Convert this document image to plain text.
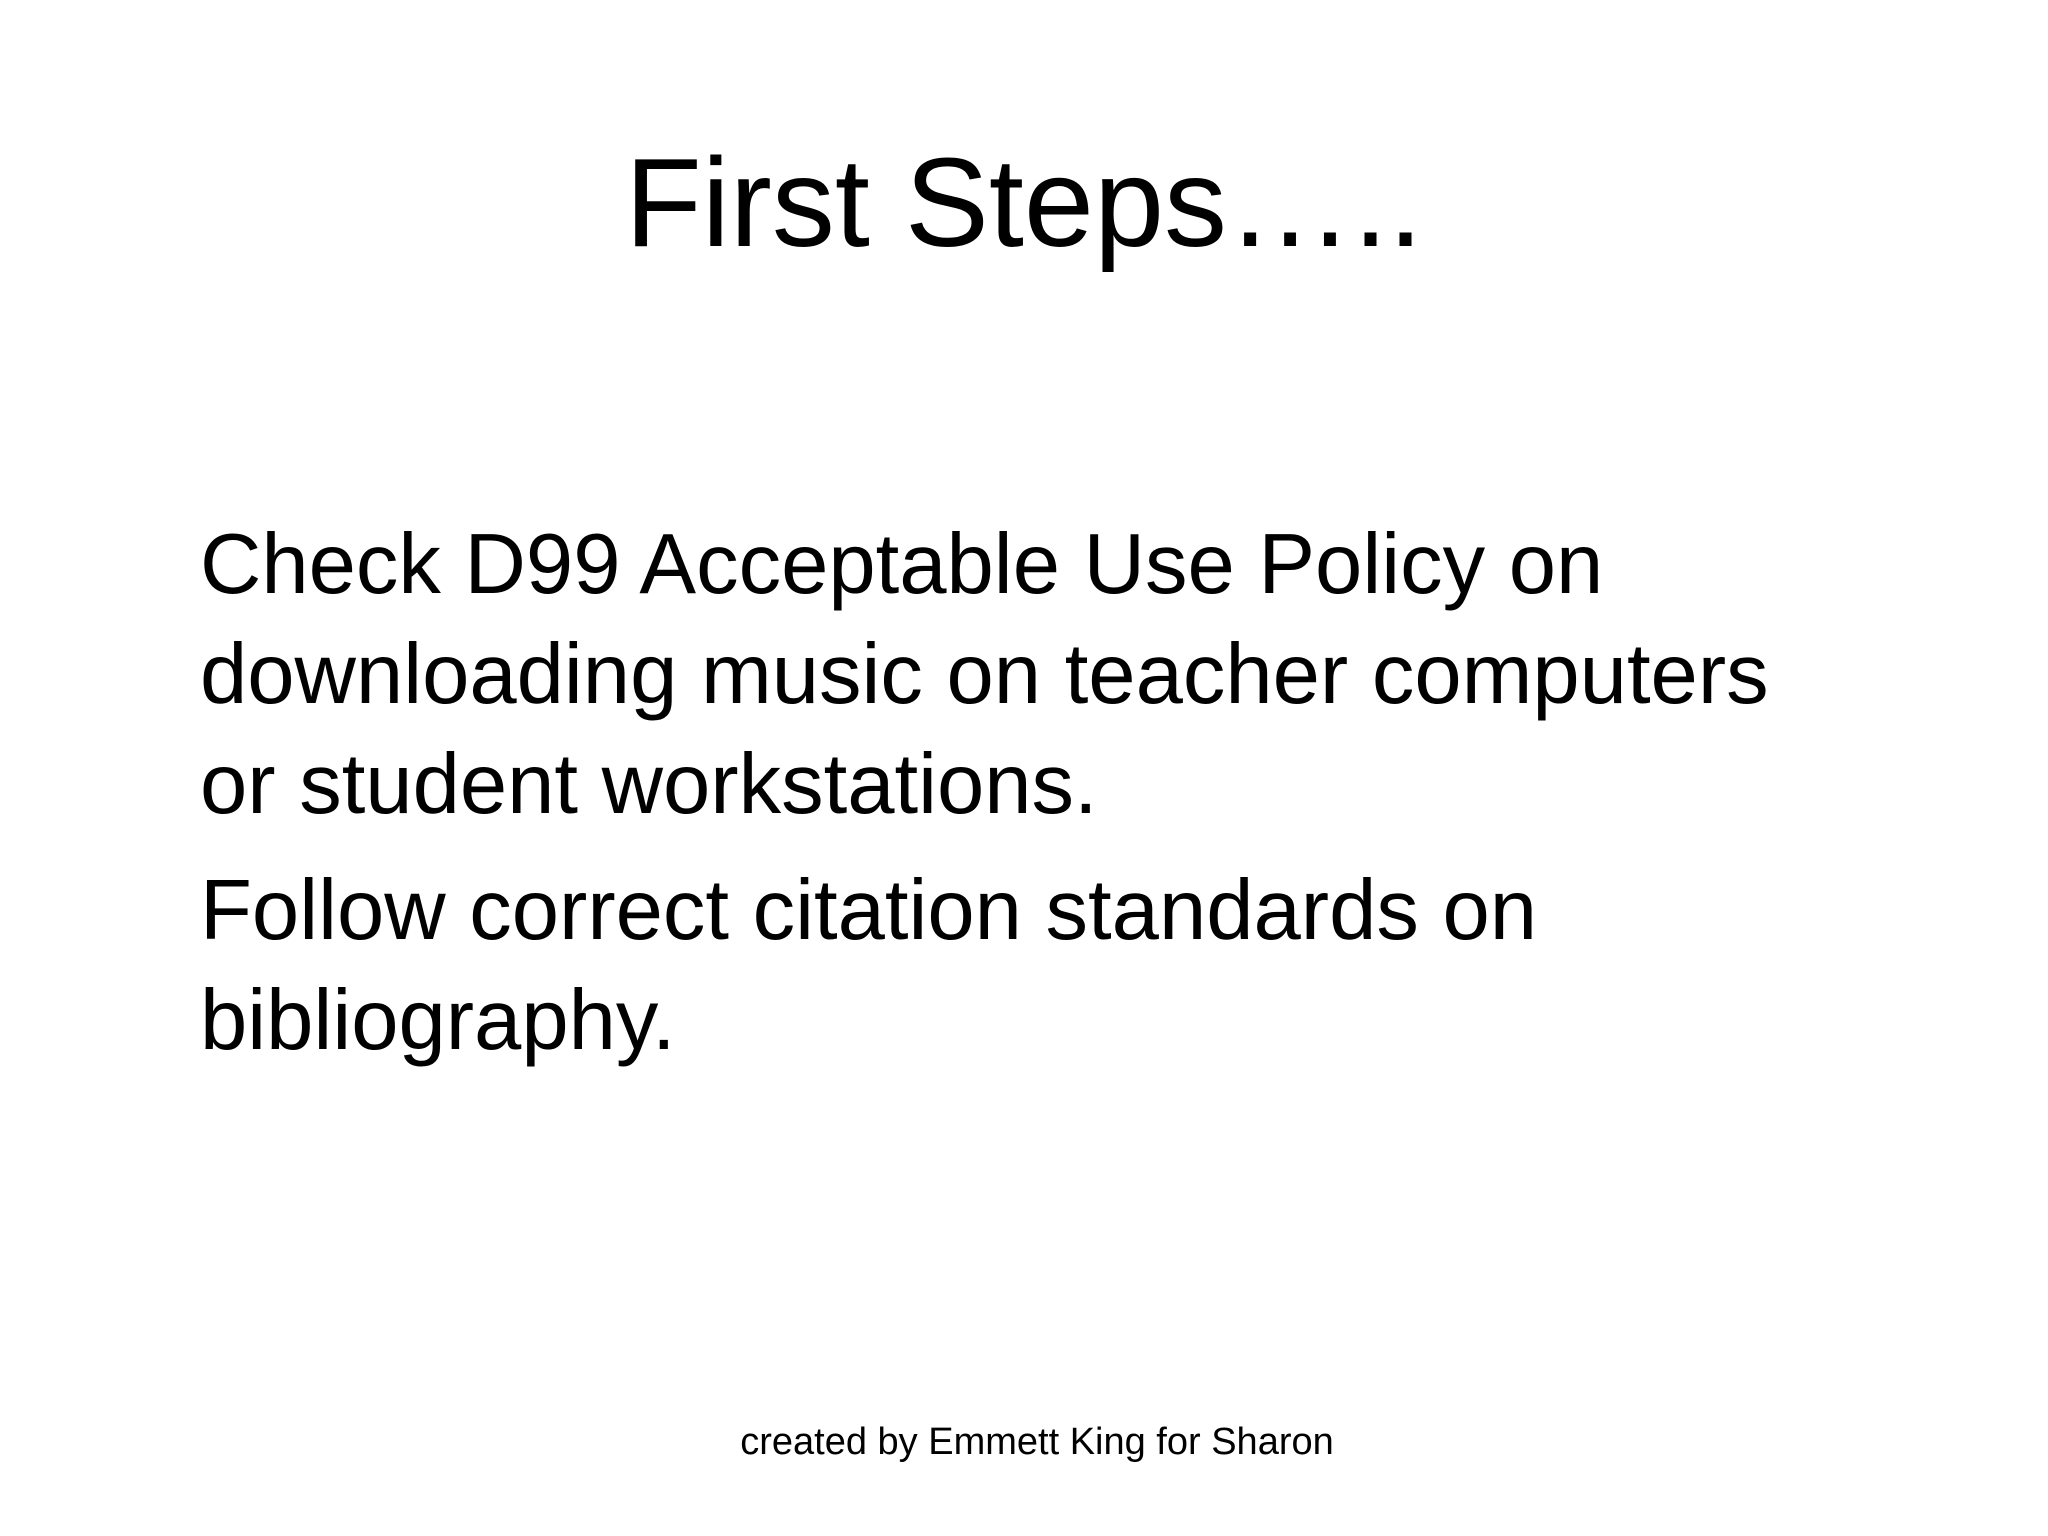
First Steps…..
Check D99 Acceptable Use Policy on
downloading music on teacher computers
or student workstations.
Follow correct citation standards on
bibliography.
created by Emmett King for Sharon
